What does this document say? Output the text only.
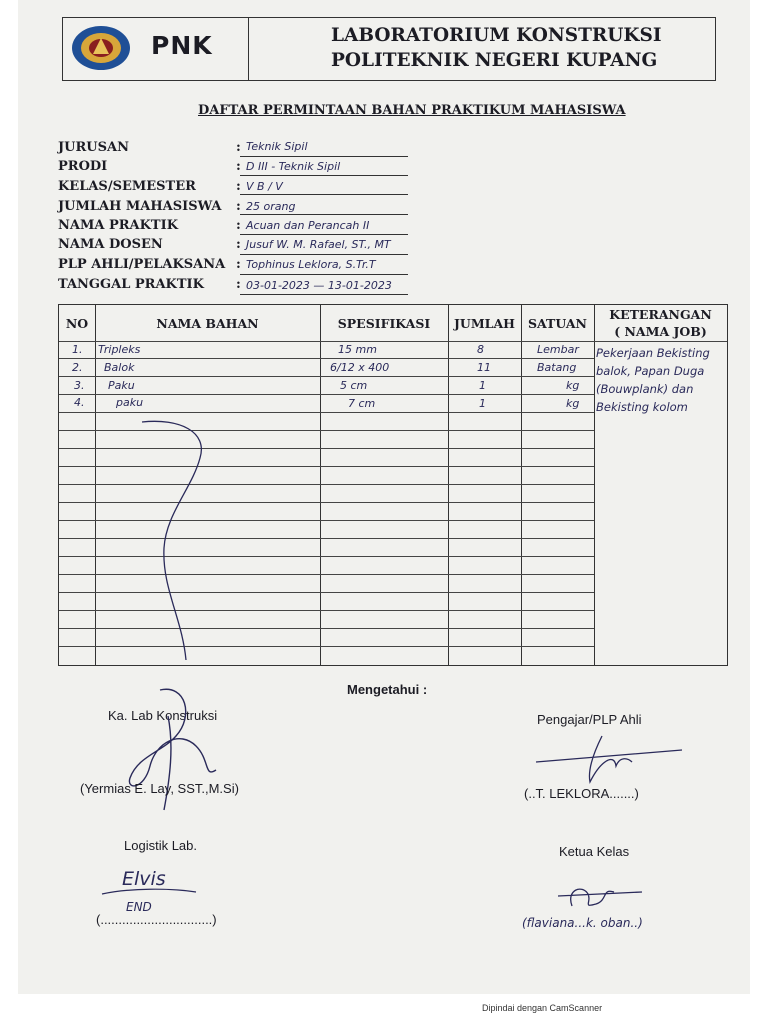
PNK	LABORATORIUM KONSTRUKSI
POLITEKNIK NEGERI KUPANG
DAFTAR PERMINTAAN BAHAN PRAKTIKUM MAHASISWA
JURUSAN	: Teknik Sipil
PRODI	: D III - Teknik Sipil
KELAS/SEMESTER	: V B / V
JUMLAH MAHASISWA : 25 orang
NAMA PRAKTIK	: Acuan dan Perancah II
NAMA DOSEN	: Jusuf W. M. Rafael, ST., MT
PLP AHLI/PELAKSANA : Tophinus Leklora, S.Tr.T
TANGGAL PRAKTIK : 03-01-2023 — 13-01-2023
NO	NAMA BAHAN	SPESIFIKASI	JUMLAH	SATUAN
KETERANGAN
( NAMA JOB)
1. Tripleks	15 mm	8	Lembar
2. Balok	6/12 x 400	11	Batang
3. Paku	5 cm	1	kg
4.	paku	7 cm	1	kg
Pekerjaan Bekisting balok, Papan Duga (Bouwplank) dan Bekisting kolom
Mengetahui :
Ka. Lab Konstruksi
(Yermias E. Lay, SST.,M.Si)
Pengajar/PLP Ahli
(..T. LEKLORA.......)
Logistik Lab.
Elvis
END
(...............................)
Ketua Kelas
(flaviana...k. oban..)
Dipindai dengan CamScanner
